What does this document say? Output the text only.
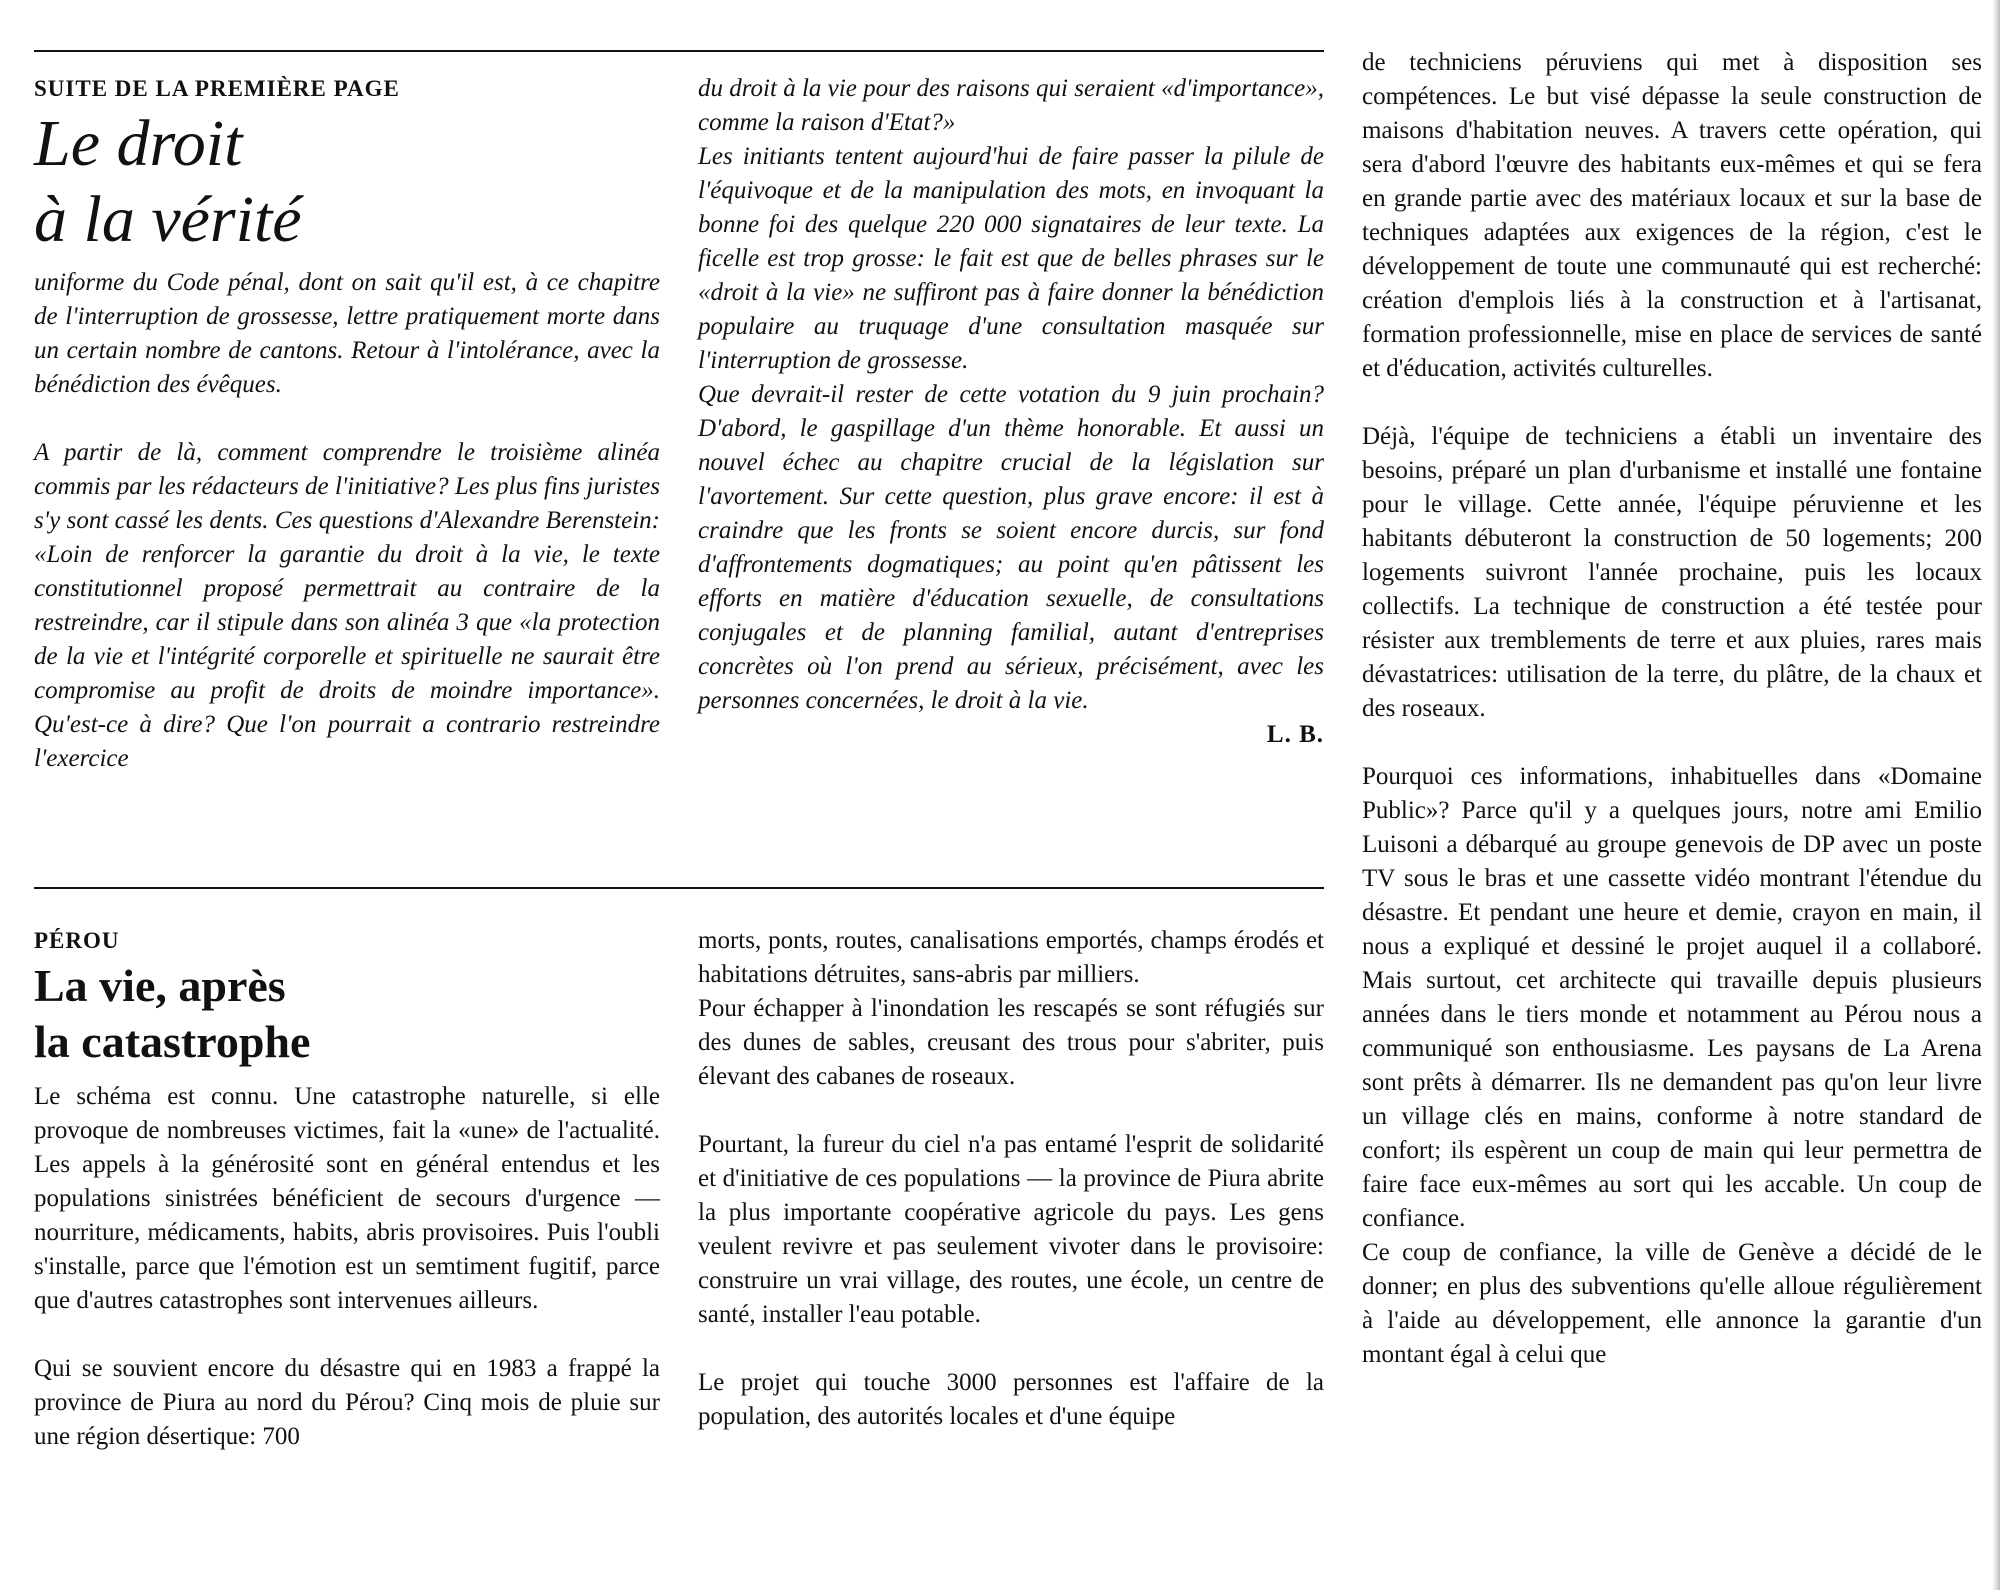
SUITE DE LA PREMIÈRE PAGE
Le droit
à la vérité

uniforme du Code pénal, dont on sait qu'il est, à ce chapitre de l'interruption de grossesse, lettre pratiquement morte dans un certain nombre de cantons. Retour à l'intolérance, avec la bénédiction des évêques.

A partir de là, comment comprendre le troisième alinéa commis par les rédacteurs de l'initiative? Les plus fins juristes s'y sont cassé les dents. Ces questions d'Alexandre Berenstein: «Loin de renforcer la garantie du droit à la vie, le texte constitutionnel proposé permettrait au contraire de la restreindre, car il stipule dans son alinéa 3 que «la protection de la vie et l'intégrité corporelle et spirituelle ne saurait être compromise au profit de droits de moindre importance». Qu'est-ce à dire? Que l'on pourrait a contrario restreindre l'exercice

du droit à la vie pour des raisons qui seraient «d'importance», comme la raison d'Etat?»

Les initiants tentent aujourd'hui de faire passer la pilule de l'équivoque et de la manipulation des mots, en invoquant la bonne foi des quelque 220 000 signataires de leur texte. La ficelle est trop grosse: le fait est que de belles phrases sur le «droit à la vie» ne suffiront pas à faire donner la bénédiction populaire au truquage d'une consultation masquée sur l'interruption de grossesse.

Que devrait-il rester de cette votation du 9 juin prochain? D'abord, le gaspillage d'un thème honorable. Et aussi un nouvel échec au chapitre crucial de la législation sur l'avortement. Sur cette question, plus grave encore: il est à craindre que les fronts se soient encore durcis, sur fond d'affrontements dogmatiques; au point qu'en pâtissent les efforts en matière d'éducation sexuelle, de consultations conjugales et de planning familial, autant d'entreprises concrètes où l'on prend au sérieux, précisément, avec les personnes concernées, le droit à la vie.

L. B.

PÉROU
La vie, après
la catastrophe

Le schéma est connu. Une catastrophe naturelle, si elle provoque de nombreuses victimes, fait la «une» de l'actualité. Les appels à la générosité sont en général entendus et les populations sinistrées bénéficient de secours d'urgence — nourriture, médicaments, habits, abris provisoires. Puis l'oubli s'installe, parce que l'émotion est un semtiment fugitif, parce que d'autres catastrophes sont intervenues ailleurs.

Qui se souvient encore du désastre qui en 1983 a frappé la province de Piura au nord du Pérou? Cinq mois de pluie sur une région désertique: 700

morts, ponts, routes, canalisations emportés, champs érodés et habitations détruites, sans-abris par milliers.

Pour échapper à l'inondation les rescapés se sont réfugiés sur des dunes de sables, creusant des trous pour s'abriter, puis élevant des cabanes de roseaux.

Pourtant, la fureur du ciel n'a pas entamé l'esprit de solidarité et d'initiative de ces populations — la province de Piura abrite la plus importante coopérative agricole du pays. Les gens veulent revivre et pas seulement vivoter dans le provisoire: construire un vrai village, des routes, une école, un centre de santé, installer l'eau potable.

Le projet qui touche 3000 personnes est l'affaire de la population, des autorités locales et d'une équipe

de techniciens péruviens qui met à disposition ses compétences. Le but visé dépasse la seule construction de maisons d'habitation neuves. A travers cette opération, qui sera d'abord l'œuvre des habitants eux-mêmes et qui se fera en grande partie avec des matériaux locaux et sur la base de techniques adaptées aux exigences de la région, c'est le développement de toute une communauté qui est recherché: création d'emplois liés à la construction et à l'artisanat, formation professionnelle, mise en place de services de santé et d'éducation, activités culturelles.

Déjà, l'équipe de techniciens a établi un inventaire des besoins, préparé un plan d'urbanisme et installé une fontaine pour le village. Cette année, l'équipe péruvienne et les habitants débuteront la construction de 50 logements; 200 logements suivront l'année prochaine, puis les locaux collectifs. La technique de construction a été testée pour résister aux tremblements de terre et aux pluies, rares mais dévastatrices: utilisation de la terre, du plâtre, de la chaux et des roseaux.

Pourquoi ces informations, inhabituelles dans «Domaine Public»? Parce qu'il y a quelques jours, notre ami Emilio Luisoni a débarqué au groupe genevois de DP avec un poste TV sous le bras et une cassette vidéo montrant l'étendue du désastre. Et pendant une heure et demie, crayon en main, il nous a expliqué et dessiné le projet auquel il a collaboré. Mais surtout, cet architecte qui travaille depuis plusieurs années dans le tiers monde et notamment au Pérou nous a communiqué son enthousiasme. Les paysans de La Arena sont prêts à démarrer. Ils ne demandent pas qu'on leur livre un village clés en mains, conforme à notre standard de confort; ils espèrent un coup de main qui leur permettra de faire face eux-mêmes au sort qui les accable. Un coup de confiance.

Ce coup de confiance, la ville de Genève a décidé de le donner; en plus des subventions qu'elle alloue régulièrement à l'aide au développement, elle annonce la garantie d'un montant égal à celui que
